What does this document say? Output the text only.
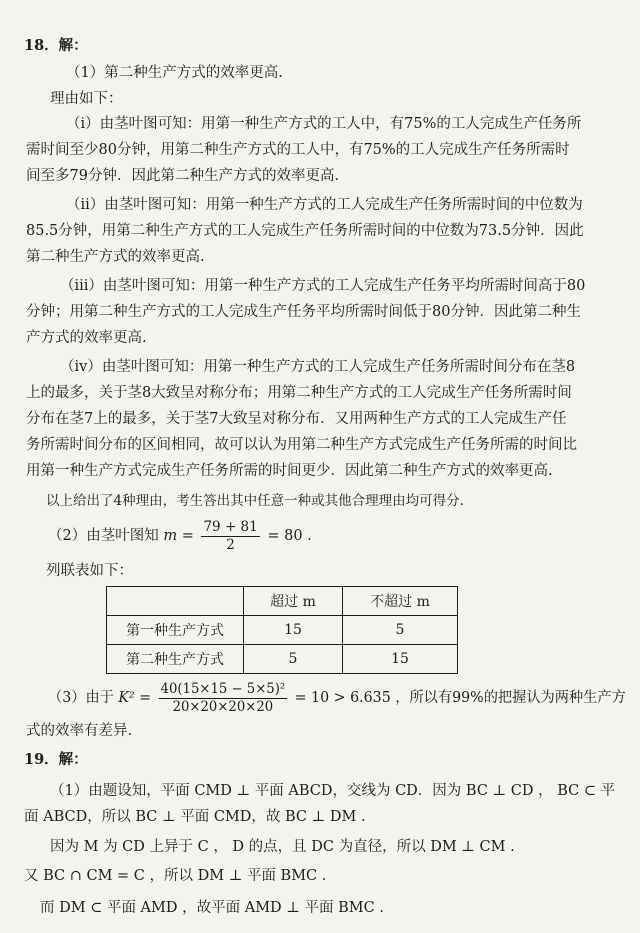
18．解：
（1）第二种生产方式的效率更高.
理由如下：
（ⅰ）由茎叶图可知：用第一种生产方式的工人中，有75%的工人完成生产任务所
需时间至少80分钟，用第二种生产方式的工人中，有75%的工人完成生产任务所需时
间至多79分钟．因此第二种生产方式的效率更高.
（ⅱ）由茎叶图可知：用第一种生产方式的工人完成生产任务所需时间的中位数为
85.5分钟，用第二种生产方式的工人完成生产任务所需时间的中位数为73.5分钟．因此
第二种生产方式的效率更高.
（ⅲ）由茎叶图可知：用第一种生产方式的工人完成生产任务平均所需时间高于80
分钟；用第二种生产方式的工人完成生产任务平均所需时间低于80分钟．因此第二种生
产方式的效率更高.
（ⅳ）由茎叶图可知：用第一种生产方式的工人完成生产任务所需时间分布在茎8
上的最多，关于茎8大致呈对称分布；用第二种生产方式的工人完成生产任务所需时间
分布在茎7上的最多，关于茎7大致呈对称分布．又用两种生产方式的工人完成生产任
务所需时间分布的区间相同，故可以认为用第二种生产方式完成生产任务所需的时间比
用第一种生产方式完成生产任务所需的时间更少．因此第二种生产方式的效率更高.
以上给出了4种理由，考生答出其中任意一种或其他合理理由均可得分.
（2）由茎叶图知 $m = \frac{79 + 81}{2} = 80$ .
列联表如下：
	超过 m	不超过 m
第一种生产方式	15	5
第二种生产方式	5	15
（3）由于 $K^2 = \frac{\text{40(15×15 − 5×5)²}}{20\times 20\times 20\times 20} = 10 > 6.635$ ，所以有99%的把握认为两种生产方
式的效率有差异.
19．解：
（1）由题设知，平面 CMD ⊥ 平面 ABCD，交线为 CD．因为 BC ⊥ CD ， BC ⊂ 平
面 ABCD，所以 BC ⊥ 平面 CMD，故 BC ⊥ DM .
因为 M 为 CD 上异于 C ， D 的点，且 DC 为直径，所以 DM ⊥ CM .
又 BC ∩ CM = C ，所以 DM ⊥ 平面 BMC .
而 DM ⊂ 平面 AMD ，故平面 AMD ⊥ 平面 BMC .
